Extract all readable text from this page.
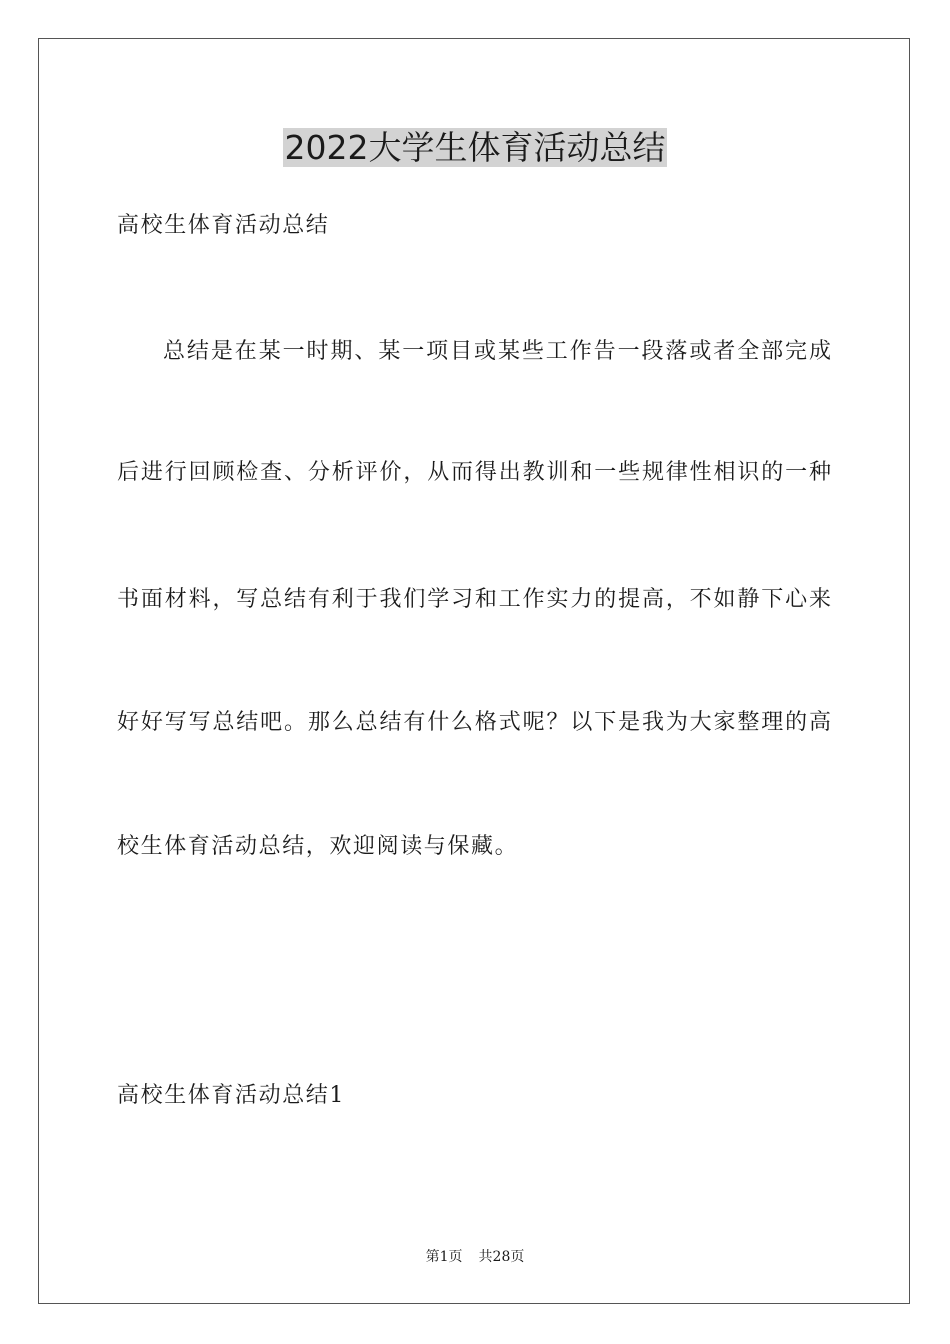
2022大学生体育活动总结
高校生体育活动总结
总结是在某一时期、某一项目或某些工作告一段落或者全部完成
后进行回顾检查、分析评价，从而得出教训和一些规律性相识的一种
书面材料，写总结有利于我们学习和工作实力的提高，不如静下心来
好好写写总结吧。那么总结有什么格式呢？以下是我为大家整理的高
校生体育活动总结，欢迎阅读与保藏。
高校生体育活动总结1
第1页 共28页
